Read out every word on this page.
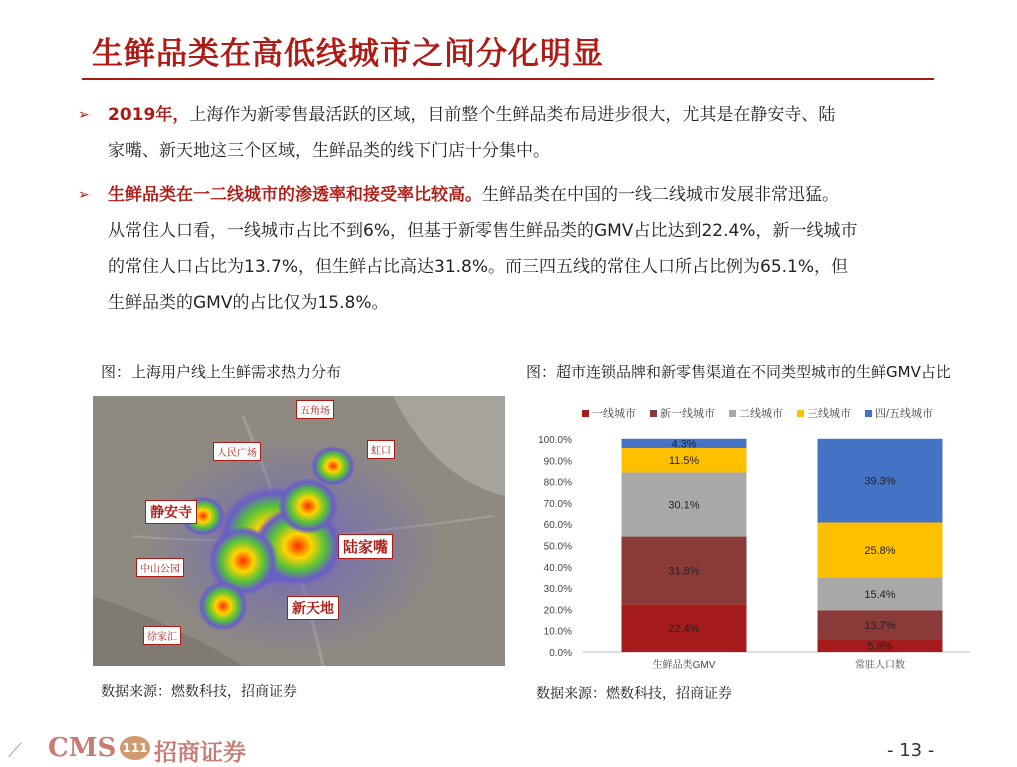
⟋
生鲜品类在高低线城市之间分化明显
➢ 2019年，上海作为新零售最活跃的区域，目前整个生鲜品类布局进步很大，尤其是在静安寺、陆
家嘴、新天地这三个区域，生鲜品类的线下门店十分集中。
➢ 生鲜品类在一二线城市的渗透率和接受率比较高。生鲜品类在中国的一线二线城市发展非常迅猛。
从常住人口看，一线城市占比不到6%，但基于新零售生鲜品类的GMV占比达到22.4%，新一线城市
的常住人口占比为13.7%，但生鲜占比高达31.8%。而三四五线的常住人口所占比例为65.1%，但
生鲜品类的GMV的占比仅为15.8%。
图：上海用户线上生鲜需求热力分布	图：超市连锁品牌和新零售渠道在不同类型城市的生鲜GMV占比
五角场
人民广场	虹口
静安寺
陆家嘴
中山公园
新天地
徐家汇
一线城市 新一线城市 二线城市 三线城市 四/五线城市
0.0%
10.0%
20.0%
30.0%
40.0%
50.0%
60.0%
70.0%
80.0%
90.0%
100.0%
22.4%
31.8%
30.1%
11.5%
4.3%
生鲜品类GMV
5.9%
13.7%
15.4%
25.8%
39.3%
常驻人口数
数据来源：燃数科技，招商证券	数据来源：燃数科技，招商证券
CMS 111 招商证券	- 13 -
